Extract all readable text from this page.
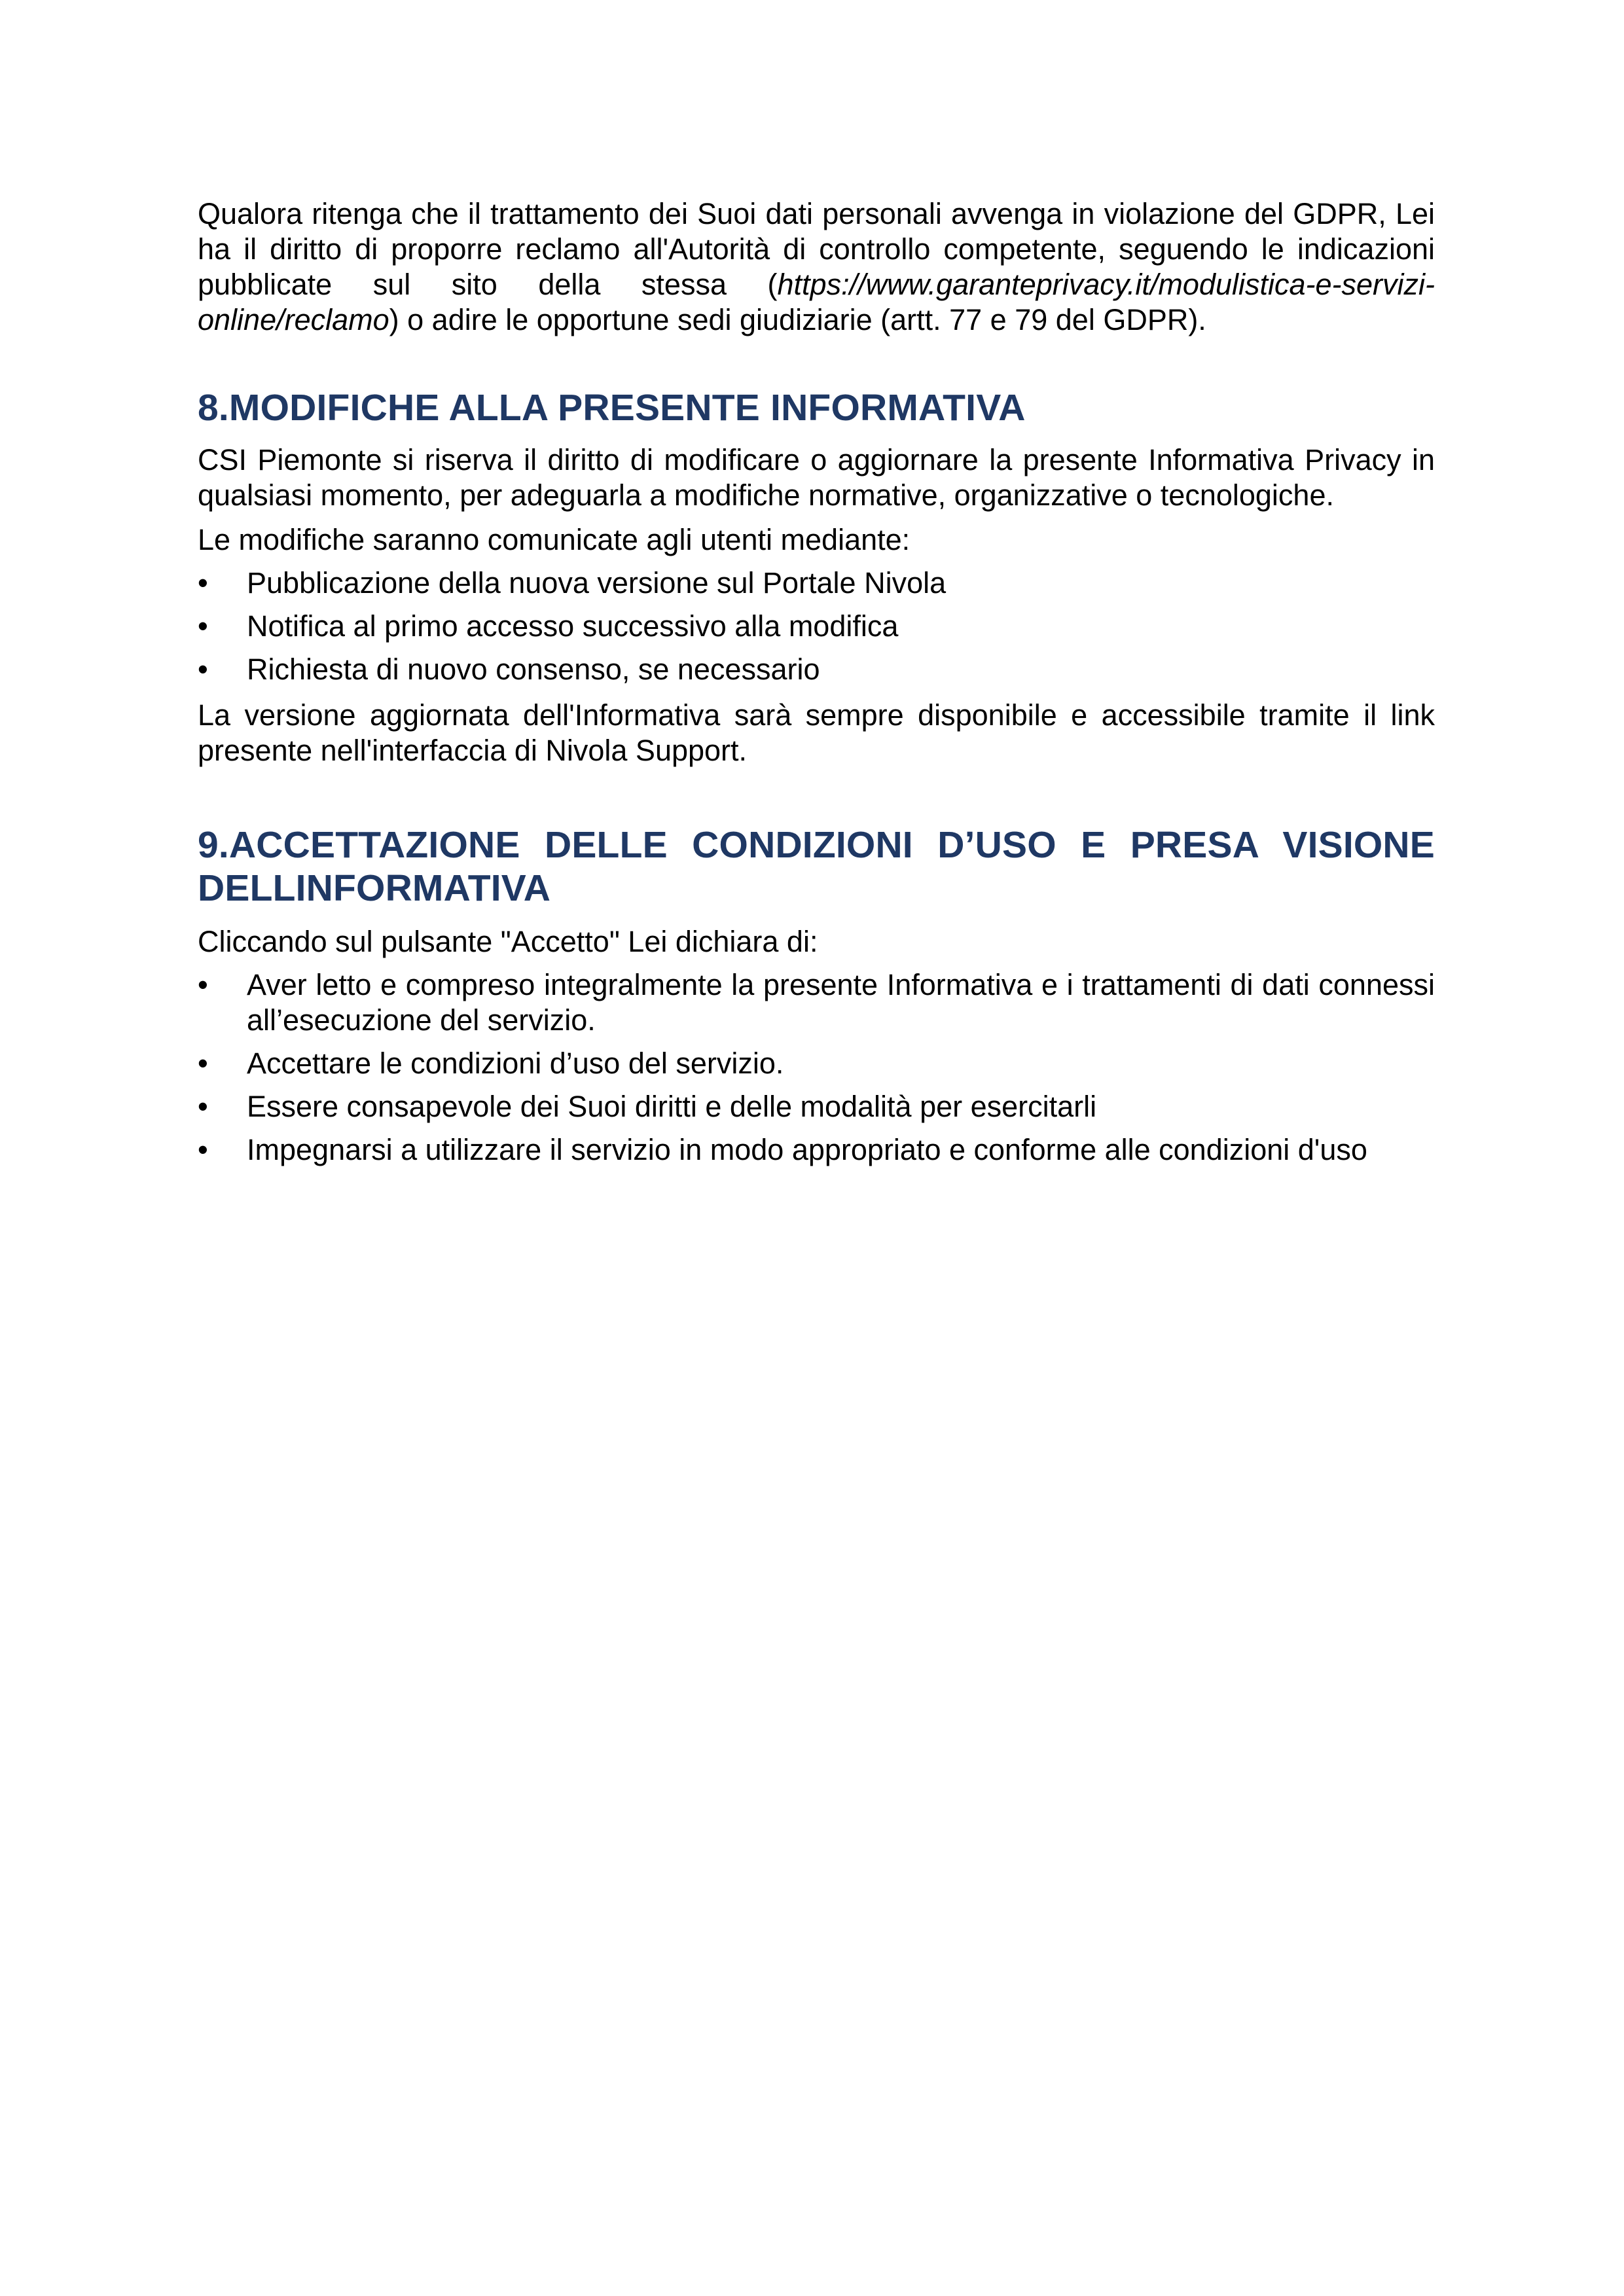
Qualora ritenga che il trattamento dei Suoi dati personali avvenga in violazione del GDPR, Lei ha il diritto di proporre reclamo all'Autorità di controllo competente, seguendo le indicazioni pubblicate sul sito della stessa (https://www.garanteprivacy.it/modulistica-e-servizi-online/reclamo) o adire le opportune sedi giudiziarie (artt. 77 e 79 del GDPR).

8.MODIFICHE ALLA PRESENTE INFORMATIVA

CSI Piemonte si riserva il diritto di modificare o aggiornare la presente Informativa Privacy in qualsiasi momento, per adeguarla a modifiche normative, organizzative o tecnologiche.

Le modifiche saranno comunicate agli utenti mediante:

•	Pubblicazione della nuova versione sul Portale Nivola
•	Notifica al primo accesso successivo alla modifica
•	Richiesta di nuovo consenso, se necessario

La versione aggiornata dell'Informativa sarà sempre disponibile e accessibile tramite il link presente nell'interfaccia di Nivola Support.

9.ACCETTAZIONE DELLE CONDIZIONI D’USO E PRESA VISIONE DELLINFORMATIVA

Cliccando sul pulsante "Accetto" Lei dichiara di:

•	Aver letto e compreso integralmente la presente Informativa e i trattamenti di dati connessi all’esecuzione del servizio.
•	Accettare le condizioni d’uso del servizio.
•	Essere consapevole dei Suoi diritti e delle modalità per esercitarli
•	Impegnarsi a utilizzare il servizio in modo appropriato e conforme alle condizioni d'uso
